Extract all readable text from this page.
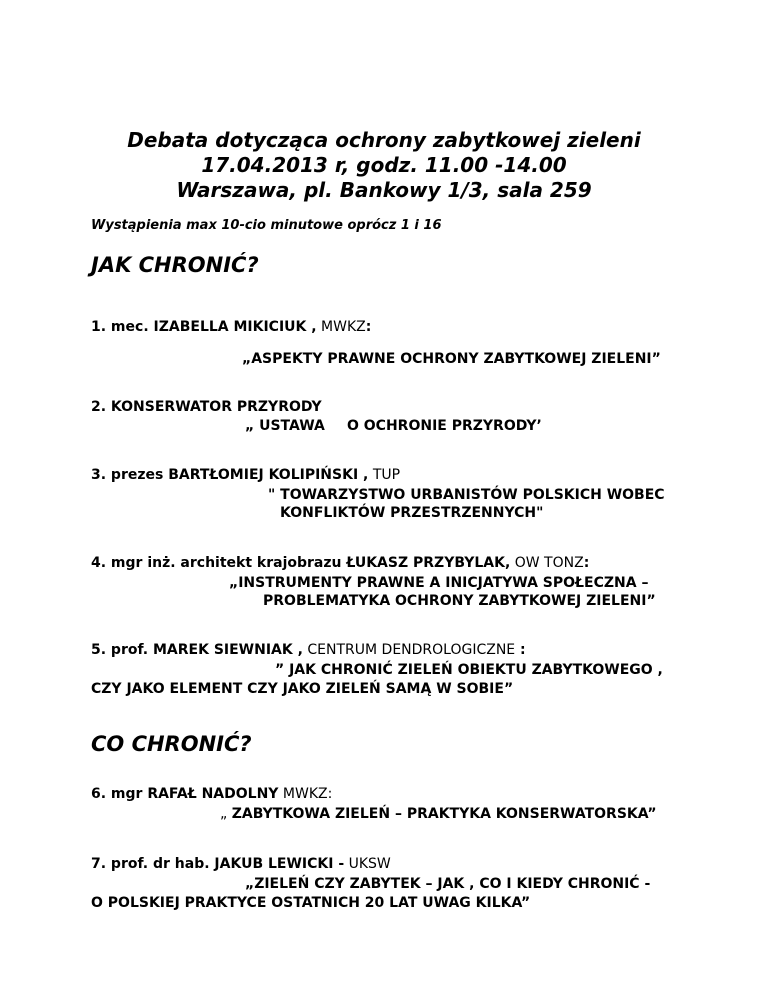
Debata dotycząca ochrony zabytkowej zieleni
17.04.2013 r, godz. 11.00 -14.00
Warszawa, pl. Bankowy 1/3, sala 259
Wystąpienia max 10-cio minutowe oprócz 1 i 16
JAK CHRONIĆ?
1. mec. IZABELLA MIKICIUK , MWKZ:
„ASPEKTY PRAWNE OCHRONY ZABYTKOWEJ ZIELENI”
2. KONSERWATOR PRZYRODY
„ USTAWA O OCHRONIE PRZYRODY’
3. prezes BARTŁOMIEJ KOLIPIŃSKI , TUP
" TOWARZYSTWO URBANISTÓW POLSKICH WOBEC
KONFLIKTÓW PRZESTRZENNYCH"
4. mgr inż. architekt krajobrazu ŁUKASZ PRZYBYLAK, OW TONZ:
„INSTRUMENTY PRAWNE A INICJATYWA SPOŁECZNA –
PROBLEMATYKA OCHRONY ZABYTKOWEJ ZIELENI”
5. prof. MAREK SIEWNIAK , CENTRUM DENDROLOGICZNE :
” JAK CHRONIĆ ZIELEŃ OBIEKTU ZABYTKOWEGO ,
CZY JAKO ELEMENT CZY JAKO ZIELEŃ SAMĄ W SOBIE”
CO CHRONIĆ?
6. mgr RAFAŁ NADOLNY MWKZ:
„ ZABYTKOWA ZIELEŃ – PRAKTYKA KONSERWATORSKA”
7. prof. dr hab. JAKUB LEWICKI - UKSW
„ZIELEŃ CZY ZABYTEK – JAK , CO I KIEDY CHRONIĆ -
O POLSKIEJ PRAKTYCE OSTATNICH 20 LAT UWAG KILKA”
